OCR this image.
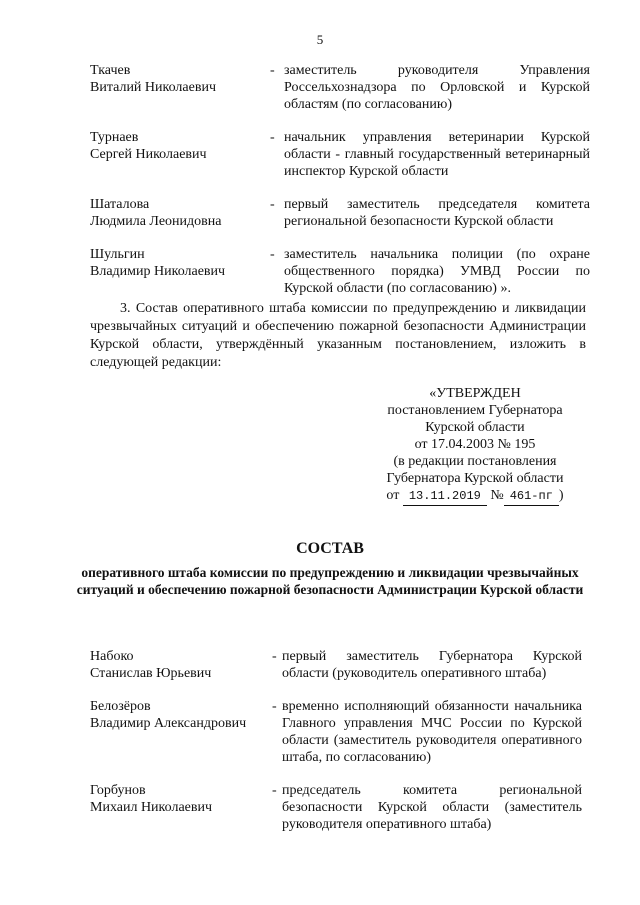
5
Ткачев
Виталий Николаевич
- заместитель руководителя Управления Россельхознадзора по Орловской и Курской областям (по согласованию)
Турнаев
Сергей Николаевич
- начальник управления ветеринарии Курской области - главный государственный ветеринарный инспектор Курской области
Шаталова
Людмила Леонидовна
- первый заместитель председателя комитета региональной безопасности Курской области
Шульгин
Владимир Николаевич
- заместитель начальника полиции (по охране общественного порядка) УМВД России по Курской области (по согласованию) ».
3. Состав оперативного штаба комиссии по предупреждению и ликвидации чрезвычайных ситуаций и обеспечению пожарной безопасности Администрации Курской области, утверждённый указанным постановлением, изложить в следующей редакции:
«УТВЕРЖДЕН
постановлением Губернатора
Курской области
от 17.04.2003 № 195
(в редакции постановления
Губернатора Курской области
от 13.11.2019 № 461-пг )
СОСТАВ
оперативного штаба комиссии по предупреждению и ликвидации чрезвычайных ситуаций и обеспечению пожарной безопасности Администрации Курской области
Набоко
Станислав Юрьевич
- первый заместитель Губернатора Курской области (руководитель оперативного штаба)
Белозёров
Владимир Александрович
- временно исполняющий обязанности начальника Главного управления МЧС России по Курской области (заместитель руководителя оперативного штаба, по согласованию)
Горбунов
Михаил Николаевич
- председатель комитета региональной безопасности Курской области (заместитель руководителя оперативного штаба)
